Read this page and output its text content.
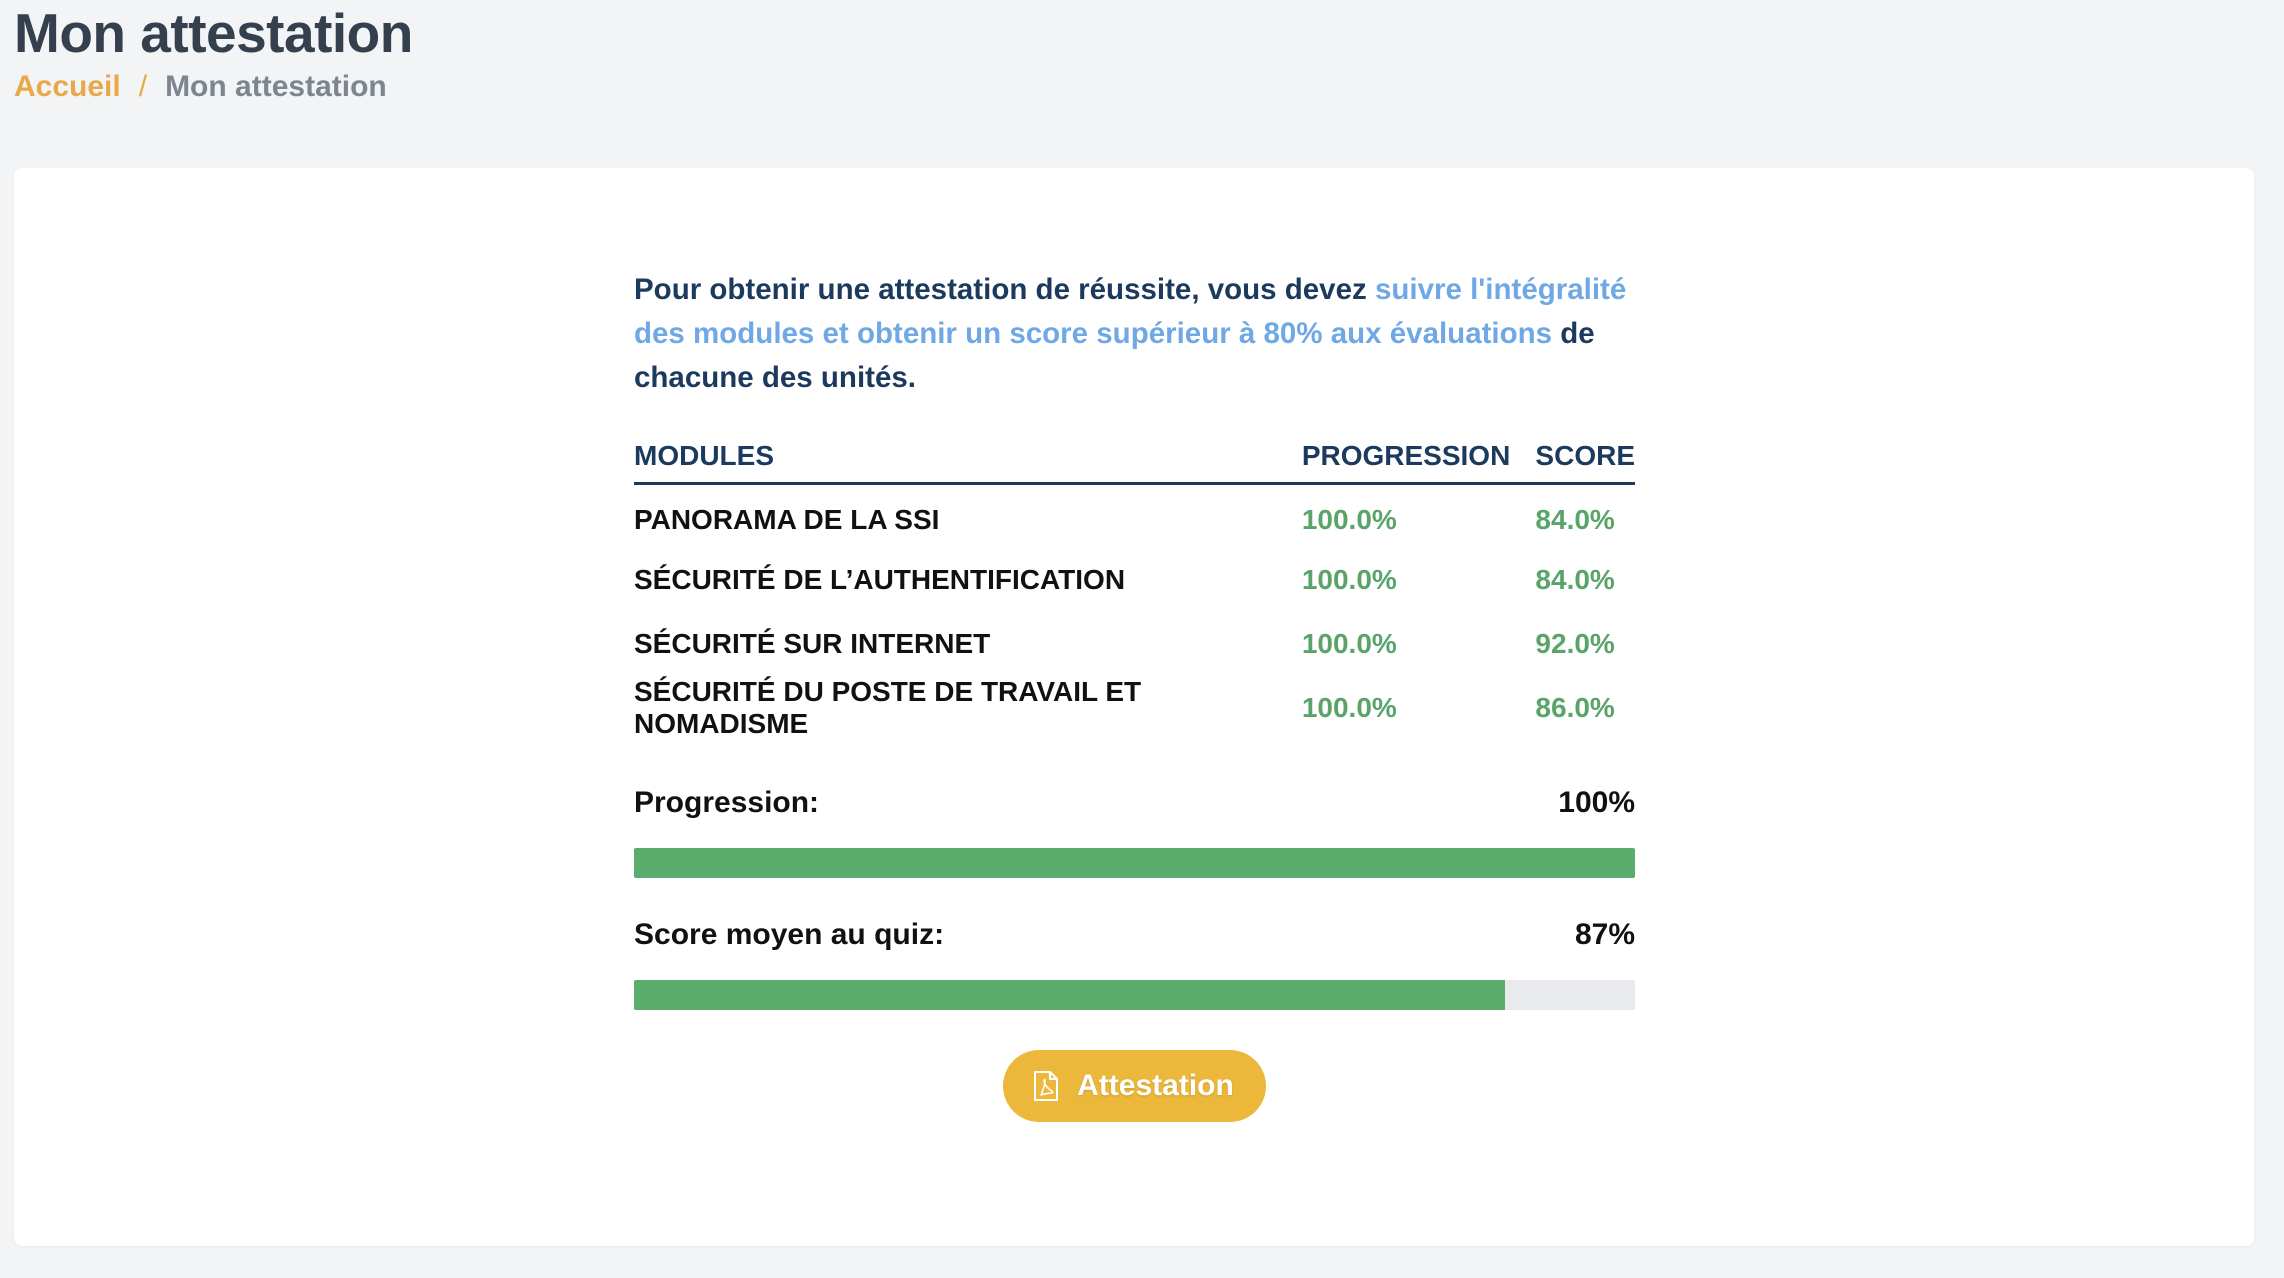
Mon attestation
Accueil / Mon attestation

Pour obtenir une attestation de réussite, vous devez suivre l'intégralité des modules et obtenir un score supérieur à 80% aux évaluations de chacune des unités.

MODULES	PROGRESSION	SCORE
PANORAMA DE LA SSI	100.0%	84.0%
SÉCURITÉ DE L’AUTHENTIFICATION	100.0%	84.0%
SÉCURITÉ SUR INTERNET	100.0%	92.0%
SÉCURITÉ DU POSTE DE TRAVAIL ET NOMADISME	100.0%	86.0%
Progression:	100%
Score moyen au quiz:	87%
Attestation
